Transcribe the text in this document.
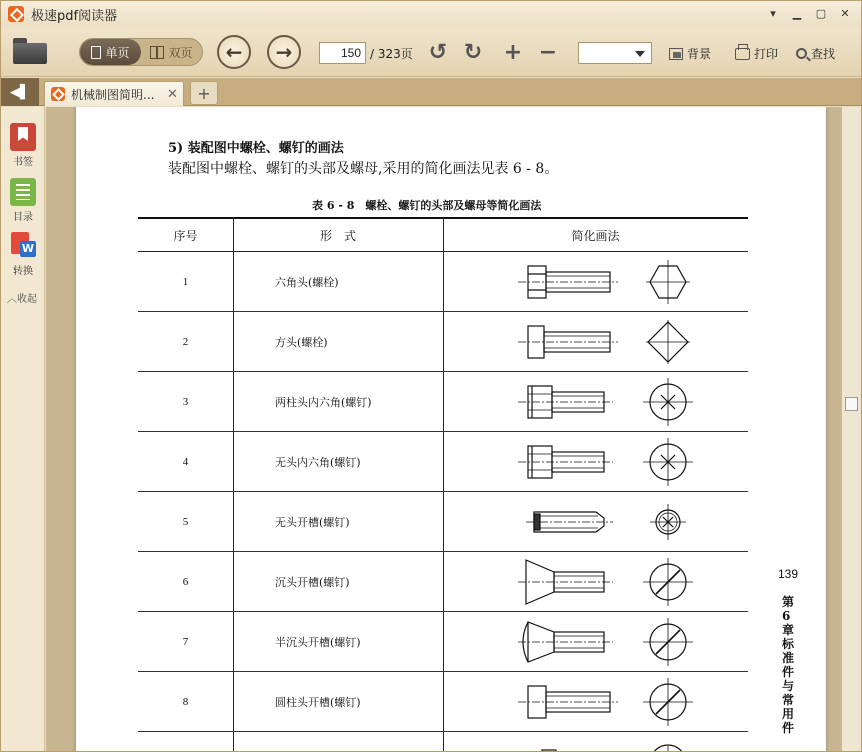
极速pdf阅读器	▾	▁	▢	✕
单页	双页 ← →
150	/ 323页 ↺ ↻ + −	背景	打印	查找
◀▌	机械制图简明... ✕ +
书签
目录
W
转换
︿收起
5) 装配图中螺栓、螺钉的画法
装配图中螺栓、螺钉的头部及螺母,采用的简化画法见表 6 - 8。
表 6 - 8　螺栓、螺钉的头部及螺母等简化画法
序号	形　式	简化画法
1	六角头(螺栓)
2	方头(螺栓)
3	两柱头内六角(螺钉)
4	无头内六角(螺钉)
5	无头开槽(螺钉)
6	沉头开槽(螺钉)
7	半沉头开槽(螺钉)
8	圆柱头开槽(螺钉)
139
第6章　标准件与常用件
